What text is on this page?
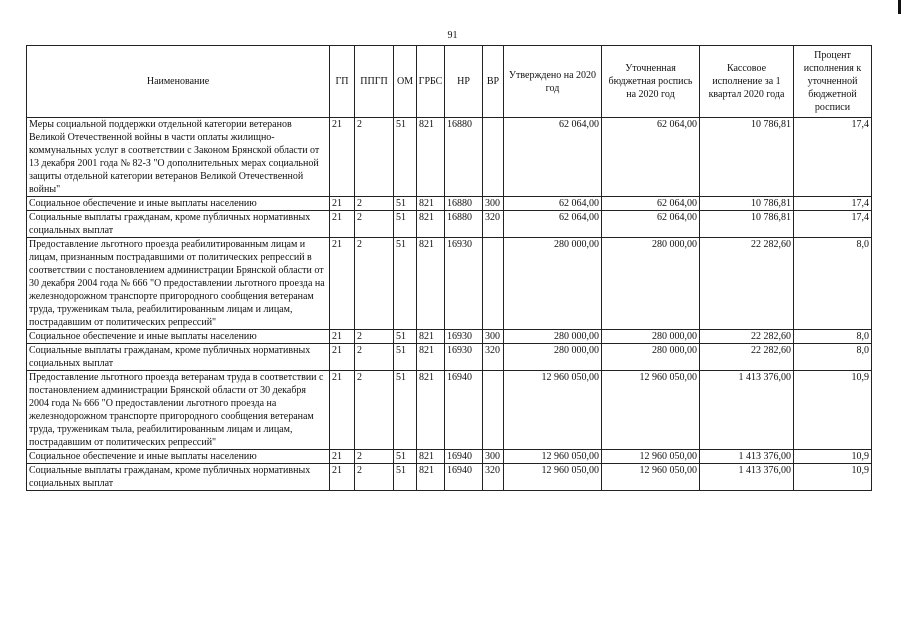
91
Наименование	ГП	ППГП	ОМ	ГРБС	НР	ВР	Утверждено на 2020 год	Уточненная бюджетная роспись на 2020 год	Кассовое исполнение за 1 квартал 2020 года	Процент исполнения к уточненной бюджетной росписи
Меры социальной поддержки отдельной категории ветеранов Великой Отечественной войны в части оплаты жилищно-коммунальных услуг в соответствии с Законом Брянской области от 13 декабря 2001 года № 82-З "О дополнительных мерах социальной защиты отдельной категории ветеранов Великой Отечественной войны"	21	2	51	821	16880		62 064,00	62 064,00	10 786,81	17,4
Социальное обеспечение и иные выплаты населению	21	2	51	821	16880	300	62 064,00	62 064,00	10 786,81	17,4
Социальные выплаты гражданам, кроме публичных нормативных социальных выплат	21	2	51	821	16880	320	62 064,00	62 064,00	10 786,81	17,4
Предоставление льготного проезда реабилитированным лицам и лицам, признанным пострадавшими от политических репрессий в соответствии с постановлением администрации Брянской области от 30 декабря 2004 года № 666 "О предоставлении льготного проезда на железнодорожном транспорте пригородного сообщения ветеранам труда, труженикам тыла, реабилитированным лицам и лицам, пострадавшим от политических репрессий"	21	2	51	821	16930		280 000,00	280 000,00	22 282,60	8,0
Социальное обеспечение и иные выплаты населению	21	2	51	821	16930	300	280 000,00	280 000,00	22 282,60	8,0
Социальные выплаты гражданам, кроме публичных нормативных социальных выплат	21	2	51	821	16930	320	280 000,00	280 000,00	22 282,60	8,0
Предоставление льготного проезда ветеранам труда в соответствии с постановлением администрации Брянской области от 30 декабря 2004 года № 666 "О предоставлении льготного проезда на железнодорожном транспорте пригородного сообщения ветеранам труда, труженикам тыла, реабилитированным лицам и лицам, пострадавшим от политических репрессий"	21	2	51	821	16940		12 960 050,00	12 960 050,00	1 413 376,00	10,9
Социальное обеспечение и иные выплаты населению	21	2	51	821	16940	300	12 960 050,00	12 960 050,00	1 413 376,00	10,9
Социальные выплаты гражданам, кроме публичных нормативных социальных выплат	21	2	51	821	16940	320	12 960 050,00	12 960 050,00	1 413 376,00	10,9
